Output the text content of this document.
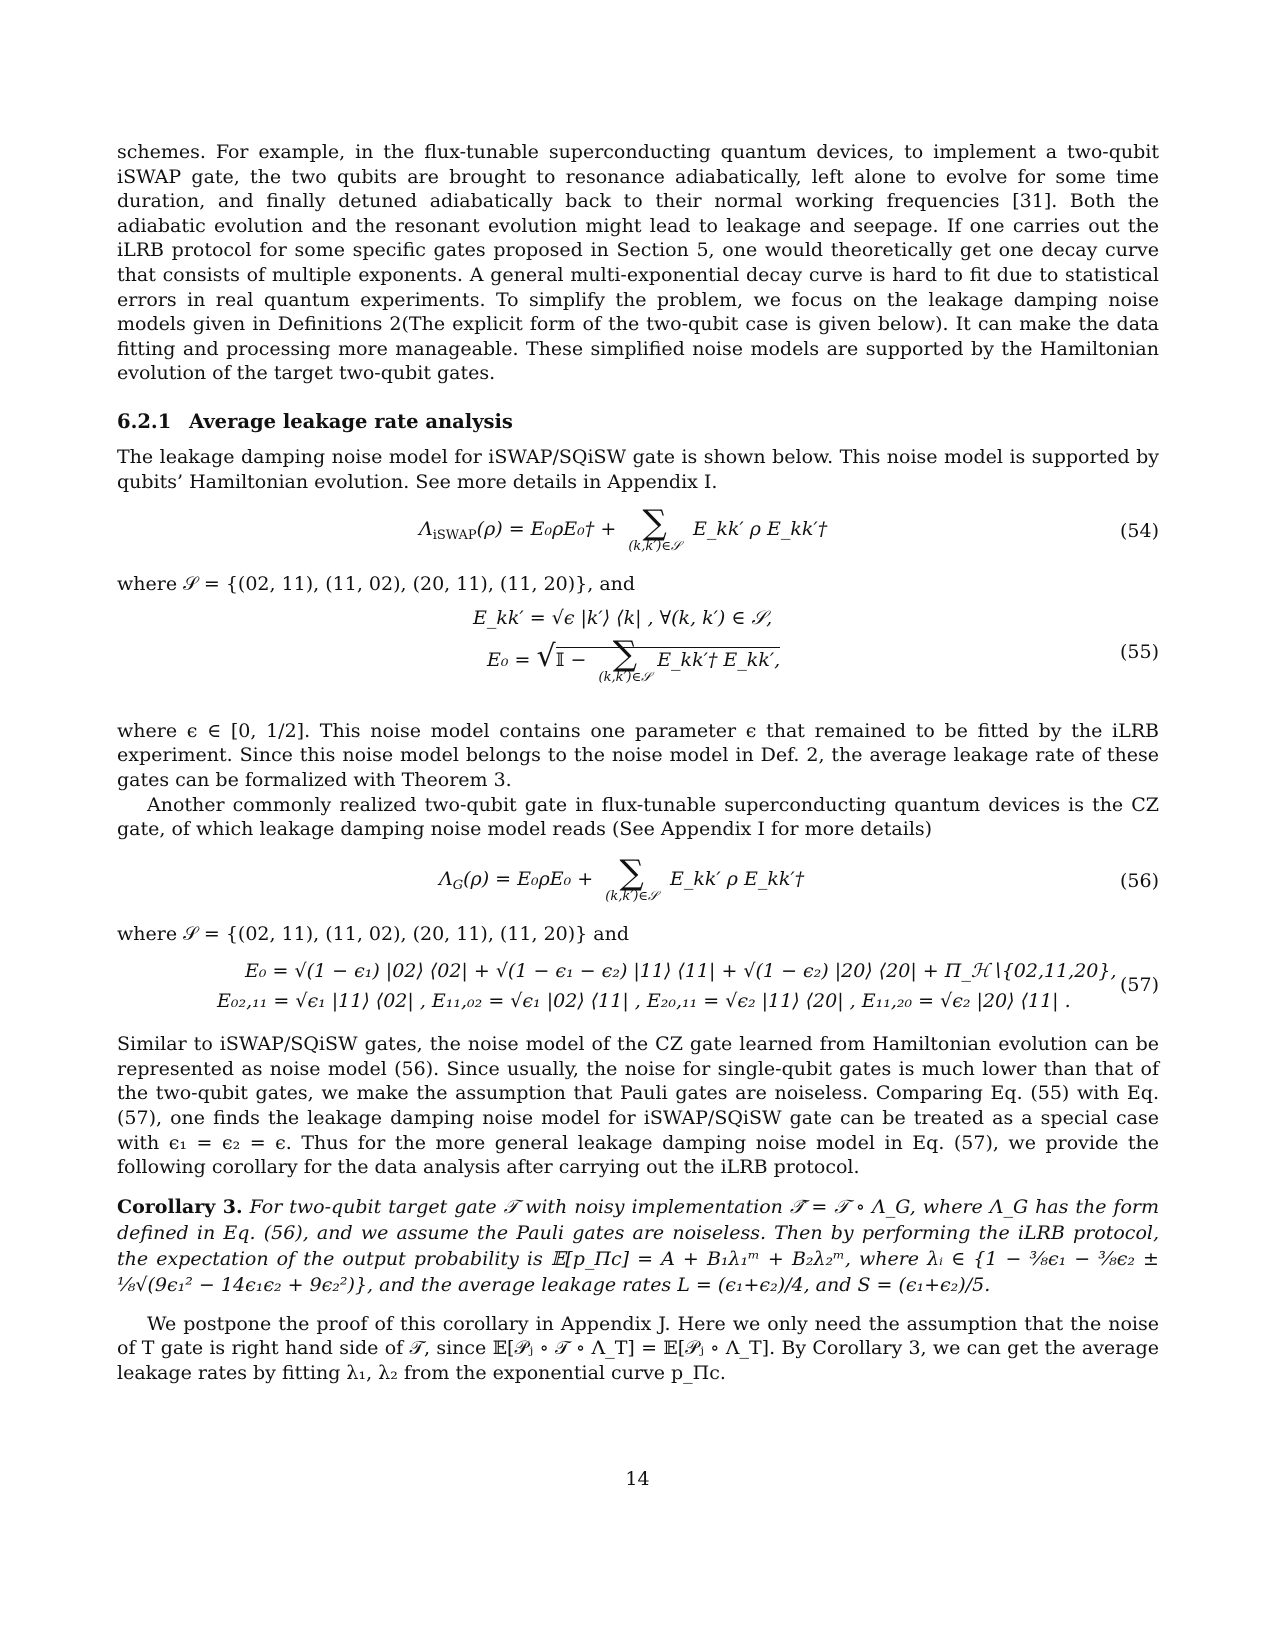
schemes. For example, in the flux-tunable superconducting quantum devices, to implement a two-qubit iSWAP gate, the two qubits are brought to resonance adiabatically, left alone to evolve for some time duration, and finally detuned adiabatically back to their normal working frequencies [31]. Both the adiabatic evolution and the resonant evolution might lead to leakage and seepage. If one carries out the iLRB protocol for some specific gates proposed in Section 5, one would theoretically get one decay curve that consists of multiple exponents. A general multi-exponential decay curve is hard to fit due to statistical errors in real quantum experiments. To simplify the problem, we focus on the leakage damping noise models given in Definitions 2(The explicit form of the two-qubit case is given below). It can make the data fitting and processing more manageable. These simplified noise models are supported by the Hamiltonian evolution of the target two-qubit gates.

6.2.1 Average leakage rate analysis

The leakage damping noise model for iSWAP/SQiSW gate is shown below. This noise model is supported by qubits’ Hamiltonian evolution. See more details in Appendix I.

$\Lambda_{iSWAP}(\rho)$ = E₀ρE₀† + ∑
(k,k′)∈𝒮
E_kk′ ρ E_kk′†	(54)

where 𝒮 = {(02, 11), (11, 02), (20, 11), (11, 20)}, and

E_kk′ = √ϵ |k′⟩ ⟨k| , ∀(k, k′) ∈ 𝒮,
E₀ = √𝕀 − ∑
(k,k′)∈𝒮
E_kk′† E_kk′,	(55)

where ϵ ∈ [0, 1/2]. This noise model contains one parameter ϵ that remained to be fitted by the iLRB experiment. Since this noise model belongs to the noise model in Def. 2, the average leakage rate of these gates can be formalized with Theorem 3.

Another commonly realized two-qubit gate in flux-tunable superconducting quantum devices is the CZ gate, of which leakage damping noise model reads (See Appendix I for more details)

$\Lambda_G(\rho) = E_0\rho E_0$ + ∑
(k,k′)∈𝒮
E_kk′ ρ E_kk′†	(56)

where 𝒮 = {(02, 11), (11, 02), (20, 11), (11, 20)} and

E₀ = √(1 − ϵ₁) |02⟩ ⟨02| + √(1 − ϵ₁ − ϵ₂) |11⟩ ⟨11| + √(1 − ϵ₂) |20⟩ ⟨20| + Π_ℋ∖{02,11,20},
E₀₂,₁₁ = √ϵ₁ |11⟩ ⟨02| , E₁₁,₀₂ = √ϵ₁ |02⟩ ⟨11| , E₂₀,₁₁ = √ϵ₂ |11⟩ ⟨20| , E₁₁,₂₀ = √ϵ₂ |20⟩ ⟨11| .
(57)

Similar to iSWAP/SQiSW gates, the noise model of the CZ gate learned from Hamiltonian evolution can be represented as noise model (56). Since usually, the noise for single-qubit gates is much lower than that of the two-qubit gates, we make the assumption that Pauli gates are noiseless. Comparing Eq. (55) with Eq. (57), one finds the leakage damping noise model for iSWAP/SQiSW gate can be treated as a special case with ϵ₁ = ϵ₂ = ϵ. Thus for the more general leakage damping noise model in Eq. (57), we provide the following corollary for the data analysis after carrying out the iLRB protocol.

Corollary 3. For two-qubit target gate 𝒯 with noisy implementation 𝒯̂ = 𝒯 ∘ Λ_G, where Λ_G has the form defined in Eq. (56), and we assume the Pauli gates are noiseless. Then by performing the iLRB protocol, the expectation of the output probability is 𝔼[p_Πc] = A + B₁λ₁ᵐ + B₂λ₂ᵐ, where λᵢ ∈ {1 − ³⁄₈ϵ₁ − ³⁄₈ϵ₂ ± ¹⁄₈√(9ϵ₁² − 14ϵ₁ϵ₂ + 9ϵ₂²)}, and the average leakage rates L = (ϵ₁+ϵ₂)/4, and S = (ϵ₁+ϵ₂)/5.

We postpone the proof of this corollary in Appendix J. Here we only need the assumption that the noise of T gate is right hand side of 𝒯, since 𝔼[𝒫ⱼ ∘ 𝒯 ∘ Λ_T] = 𝔼[𝒫ⱼ ∘ Λ_T]. By Corollary 3, we can get the average leakage rates by fitting λ₁, λ₂ from the exponential curve p_Πc.

14
